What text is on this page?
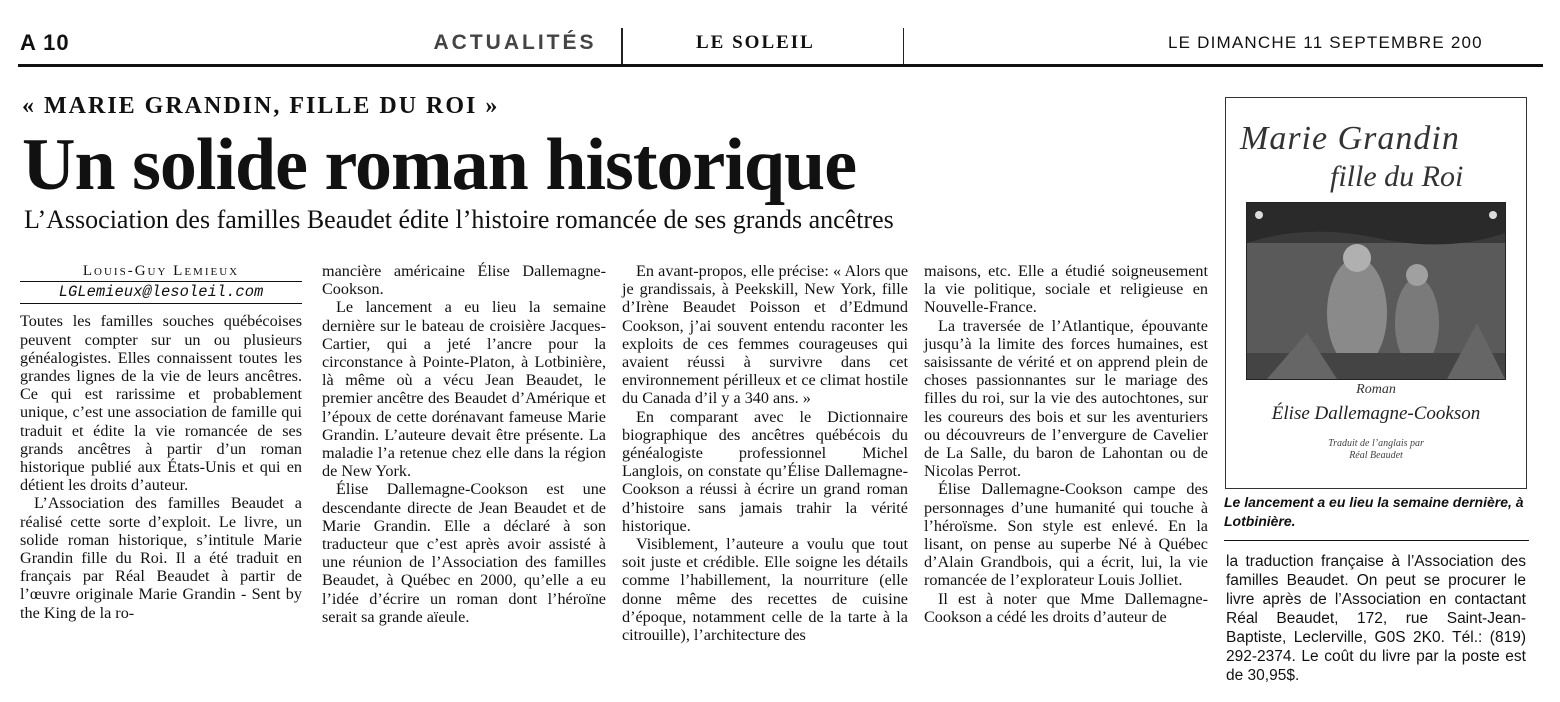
A 10	ACTUALITÉS	LE SOLEIL	LE DIMANCHE 11 SEPTEMBRE 200
« MARIE GRANDIN, FILLE DU ROI »
Un solide roman historique
L’Association des familles Beaudet édite l’histoire romancée de ses grands ancêtres
Louis-Guy Lemieux
LGLemieux@lesoleil.com

Toutes les familles souches québécoises peuvent compter sur un ou plusieurs généalogistes. Elles connaissent toutes les grandes lignes de la vie de leurs ancêtres. Ce qui est rarissime et probablement unique, c’est une association de famille qui traduit et édite la vie romancée de ses grands ancêtres à partir d’un roman historique publié aux États-Unis et qui en détient les droits d’auteur.

L’Association des familles Beaudet a réalisé cette sorte d’exploit. Le livre, un solide roman historique, s’intitule Marie Grandin fille du Roi. Il a été traduit en français par Réal Beaudet à partir de l’œuvre originale Marie Grandin - Sent by the King de la ro-

mancière américaine Élise Dallemagne-Cookson.

Le lancement a eu lieu la semaine dernière sur le bateau de croisière Jacques-Cartier, qui a jeté l’ancre pour la circonstance à Pointe-Platon, à Lotbinière, là même où a vécu Jean Beaudet, le premier ancêtre des Beaudet d’Amérique et l’époux de cette dorénavant fameuse Marie Grandin. L’auteure devait être présente. La maladie l’a retenue chez elle dans la région de New York.

Élise Dallemagne-Cookson est une descendante directe de Jean Beaudet et de Marie Grandin. Elle a déclaré à son traducteur que c’est après avoir assisté à une réunion de l’Association des familles Beaudet, à Québec en 2000, qu’elle a eu l’idée d’écrire un roman dont l’héroïne serait sa grande aïeule.

En avant-propos, elle précise: « Alors que je grandissais, à Peekskill, New York, fille d’Irène Beaudet Poisson et d’Edmund Cookson, j’ai souvent entendu raconter les exploits de ces femmes courageuses qui avaient réussi à survivre dans cet environnement périlleux et ce climat hostile du Canada d’il y a 340 ans. »

En comparant avec le Dictionnaire biographique des ancêtres québécois du généalogiste professionnel Michel Langlois, on constate qu’Élise Dallemagne-Cookson a réussi à écrire un grand roman d’histoire sans jamais trahir la vérité historique.

Visiblement, l’auteure a voulu que tout soit juste et crédible. Elle soigne les détails comme l’habillement, la nourriture (elle donne même des recettes de cuisine d’époque, notamment celle de la tarte à la citrouille), l’architecture des

maisons, etc. Elle a étudié soigneusement la vie politique, sociale et religieuse en Nouvelle-France.

La traversée de l’Atlantique, épouvante jusqu’à la limite des forces humaines, est saisissante de vérité et on apprend plein de choses passionnantes sur le mariage des filles du roi, sur la vie des autochtones, sur les coureurs des bois et sur les aventuriers ou découvreurs de l’envergure de Cavelier de La Salle, du baron de Lahontan ou de Nicolas Perrot.

Élise Dallemagne-Cookson campe des personnages d’une humanité qui touche à l’héroïsme. Son style est enlevé. En la lisant, on pense au superbe Né à Québec d’Alain Grandbois, qui a écrit, lui, la vie romancée de l’explorateur Louis Jolliet.

Il est à noter que Mme Dallemagne-Cookson a cédé les droits d’auteur de

Marie Grandin
fille du Roi
Roman
Élise Dallemagne-Cookson
Traduit de l’anglais par
Réal Beaudet
Le lancement a eu lieu la semaine dernière, à Lotbinière.

la traduction française à l’Association des familles Beaudet. On peut se procurer le livre après de l’Association en contactant Réal Beaudet, 172, rue Saint-Jean-Baptiste, Leclerville, G0S 2K0. Tél.: (819) 292-2374. Le coût du livre par la poste est de 30,95$.
